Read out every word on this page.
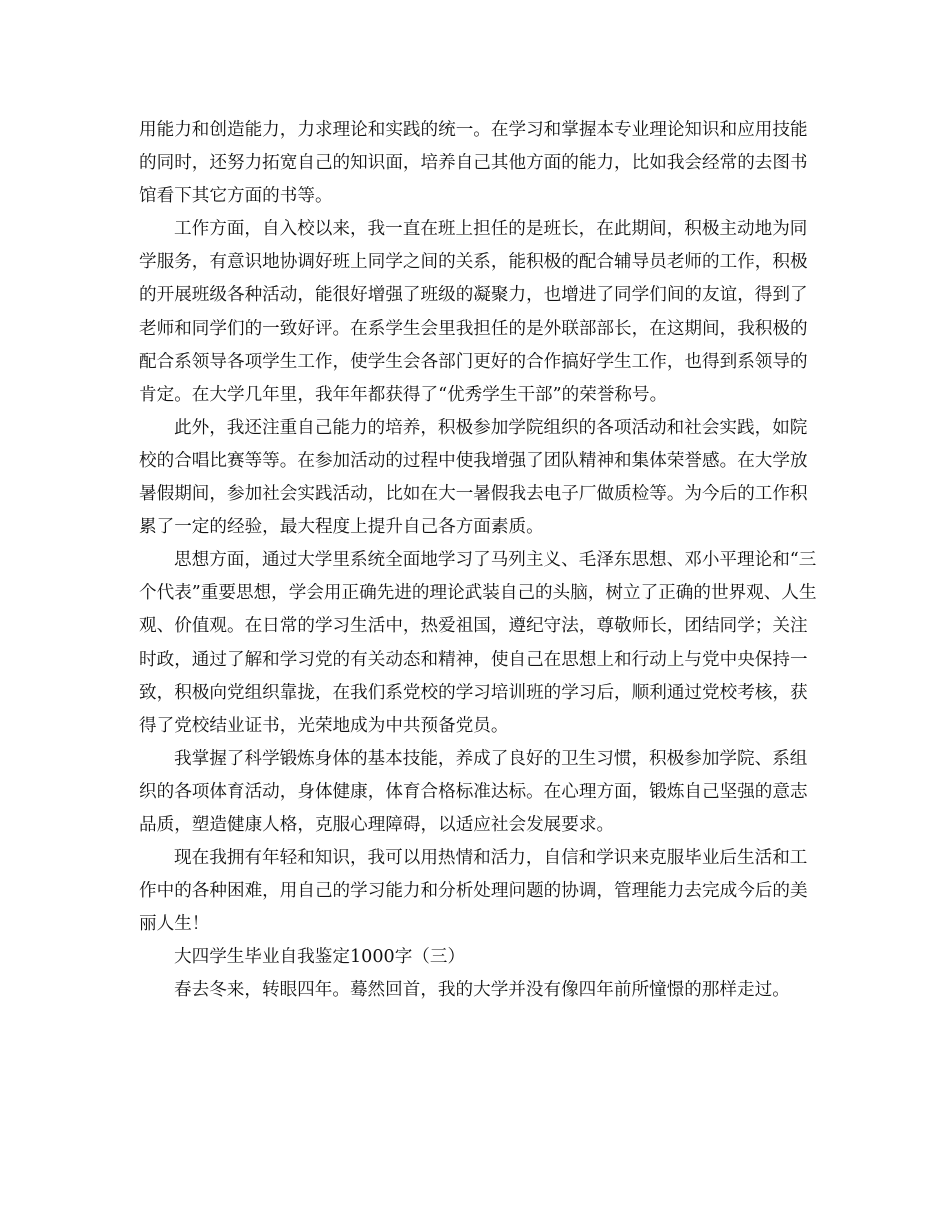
用能力和创造能力，力求理论和实践的统一。在学习和掌握本专业理论知识和应用技能的同时，还努力拓宽自己的知识面，培养自己其他方面的能力，比如我会经常的去图书馆看下其它方面的书等。

工作方面，自入校以来，我一直在班上担任的是班长，在此期间，积极主动地为同学服务，有意识地协调好班上同学之间的关系，能积极的配合辅导员老师的工作，积极的开展班级各种活动，能很好增强了班级的凝聚力，也增进了同学们间的友谊，得到了老师和同学们的一致好评。在系学生会里我担任的是外联部部长，在这期间，我积极的配合系领导各项学生工作，使学生会各部门更好的合作搞好学生工作，也得到系领导的肯定。在大学几年里，我年年都获得了“优秀学生干部”的荣誉称号。

此外，我还注重自己能力的培养，积极参加学院组织的各项活动和社会实践，如院校的合唱比赛等等。在参加活动的过程中使我增强了团队精神和集体荣誉感。在大学放暑假期间，参加社会实践活动，比如在大一暑假我去电子厂做质检等。为今后的工作积累了一定的经验，最大程度上提升自己各方面素质。

思想方面，通过大学里系统全面地学习了马列主义、毛泽东思想、邓小平理论和“三个代表”重要思想，学会用正确先进的理论武装自己的头脑，树立了正确的世界观、人生观、价值观。在日常的学习生活中，热爱祖国，遵纪守法，尊敬师长，团结同学；关注时政，通过了解和学习党的有关动态和精神，使自己在思想上和行动上与党中央保持一致，积极向党组织靠拢，在我们系党校的学习培训班的学习后，顺利通过党校考核，获得了党校结业证书，光荣地成为中共预备党员。

我掌握了科学锻炼身体的基本技能，养成了良好的卫生习惯，积极参加学院、系组织的各项体育活动，身体健康，体育合格标准达标。在心理方面，锻炼自己坚强的意志品质，塑造健康人格，克服心理障碍，以适应社会发展要求。

现在我拥有年轻和知识，我可以用热情和活力，自信和学识来克服毕业后生活和工作中的各种困难，用自己的学习能力和分析处理问题的协调，管理能力去完成今后的美丽人生！

大四学生毕业自我鉴定1000字（三）

春去冬来，转眼四年。蓦然回首，我的大学并没有像四年前所憧憬的那样走过。
